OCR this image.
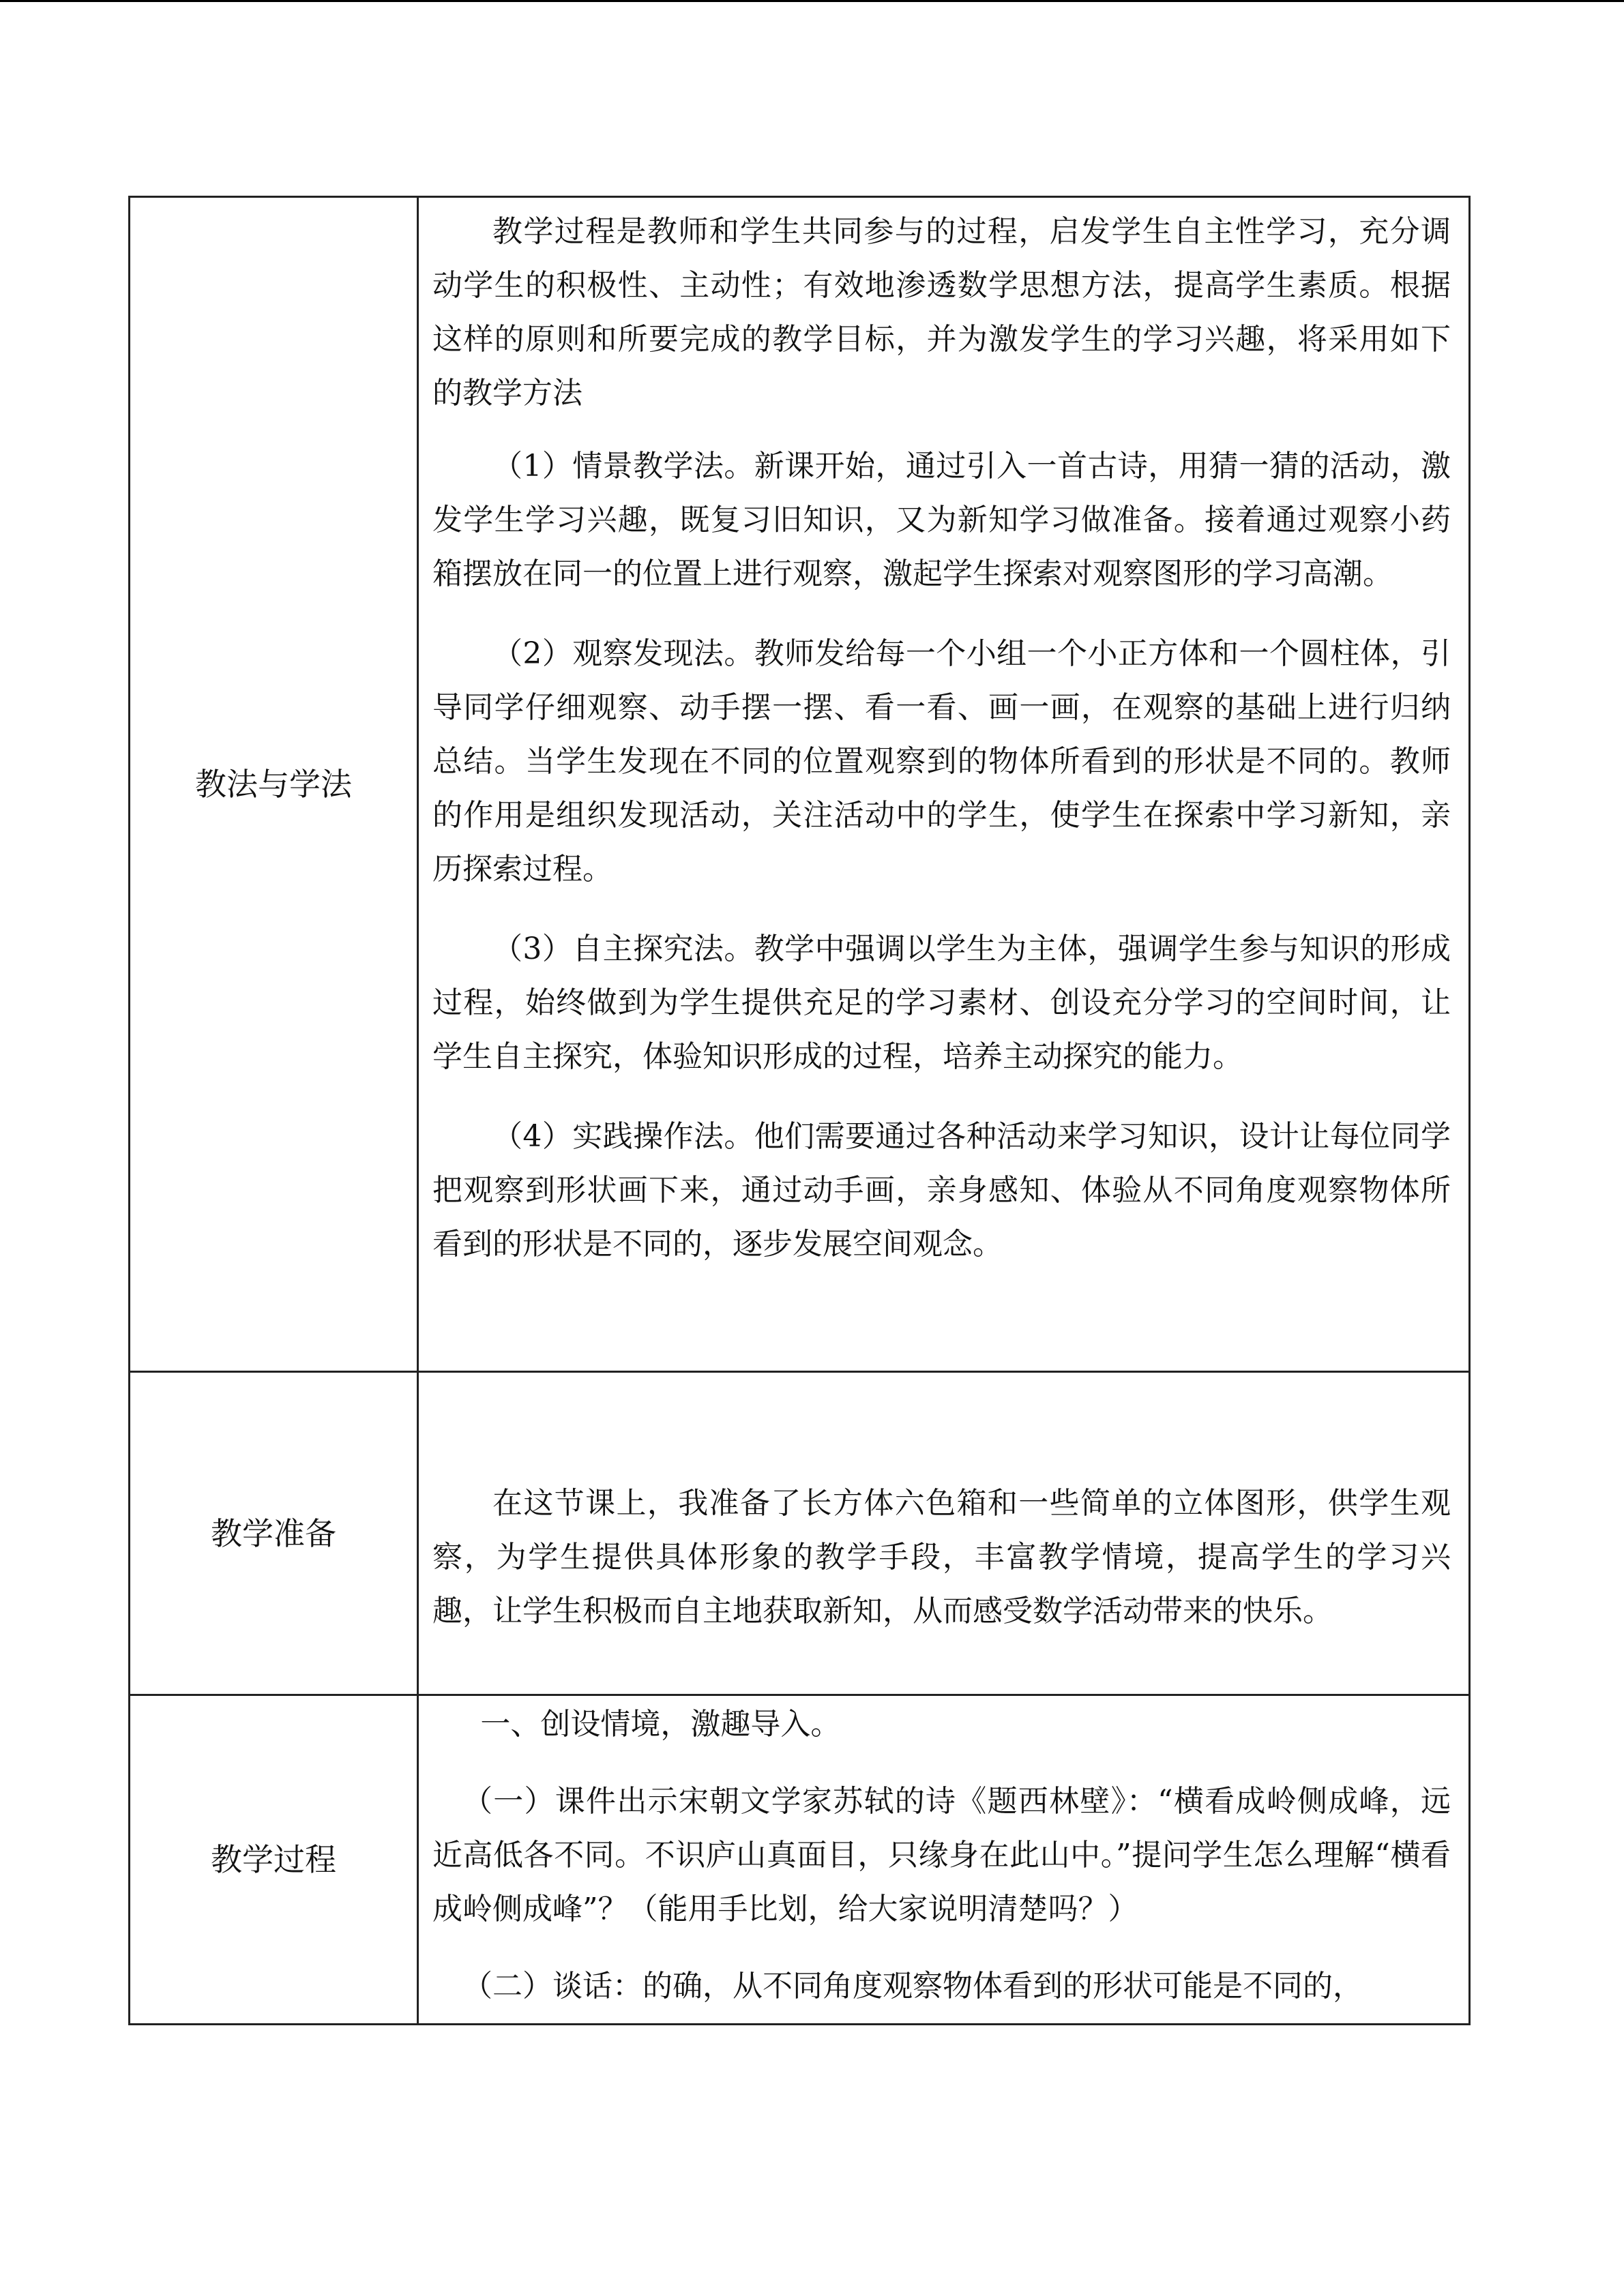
教法与学法	教学过程是教师和学生共同参与的过程，启发学生自主性学习，充分调动学生的积极性、主动性；有效地渗透数学思想方法，提高学生素质。根据这样的原则和所要完成的教学目标，并为激发学生的学习兴趣，将采用如下的教学方法

（1）情景教学法。新课开始，通过引入一首古诗，用猜一猜的活动，激发学生学习兴趣，既复习旧知识，又为新知学习做准备。接着通过观察小药箱摆放在同一的位置上进行观察，激起学生探索对观察图形的学习高潮。

（2）观察发现法。教师发给每一个小组一个小正方体和一个圆柱体，引导同学仔细观察、动手摆一摆、看一看、画一画，在观察的基础上进行归纳总结。当学生发现在不同的位置观察到的物体所看到的形状是不同的。教师的作用是组织发现活动，关注活动中的学生，使学生在探索中学习新知，亲历探索过程。

（3）自主探究法。教学中强调以学生为主体，强调学生参与知识的形成过程，始终做到为学生提供充足的学习素材、创设充分学习的空间时间，让学生自主探究，体验知识形成的过程，培养主动探究的能力。

（4）实践操作法。他们需要通过各种活动来学习知识，设计让每位同学把观察到形状画下来，通过动手画，亲身感知、体验从不同角度观察物体所看到的形状是不同的，逐步发展空间观念。

教学准备	在这节课上，我准备了长方体六色箱和一些简单的立体图形，供学生观察，为学生提供具体形象的教学手段，丰富教学情境，提高学生的学习兴趣，让学生积极而自主地获取新知，从而感受数学活动带来的快乐。

教学过程	一、创设情境，激趣导入。

（一）课件出示宋朝文学家苏轼的诗《题西林壁》：“横看成岭侧成峰，远近高低各不同。不识庐山真面目，只缘身在此山中。”提问学生怎么理解“横看成岭侧成峰”？（能用手比划，给大家说明清楚吗？）

（二）谈话：的确，从不同角度观察物体看到的形状可能是不同的，
